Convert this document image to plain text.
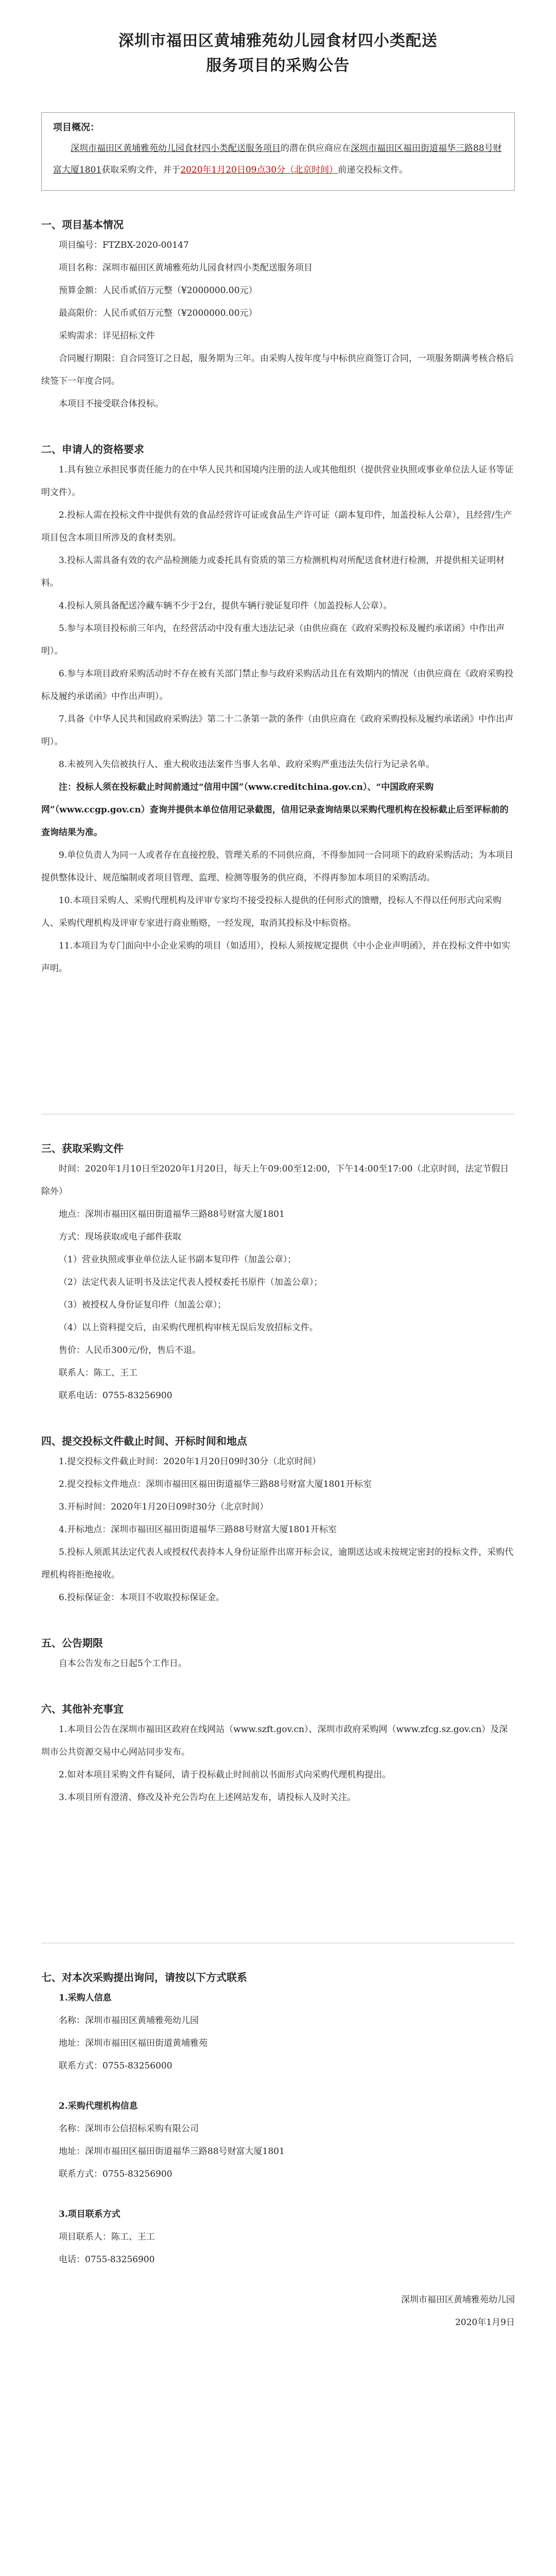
深圳市福田区黄埔雅苑幼儿园食材四小类配送
服务项目的采购公告
项目概况：
深圳市福田区黄埔雅苑幼儿园食材四小类配送服务项目的潜在供应商应在深圳市福田区福田街道福华三路88号财富大厦1801获取采购文件，并于2020年1月20日09点30分（北京时间）前递交投标文件。
一、项目基本情况

项目编号：FTZBX-2020-00147

项目名称：深圳市福田区黄埔雅苑幼儿园食材四小类配送服务项目

预算金额：人民币贰佰万元整（¥2000000.00元）

最高限价：人民币贰佰万元整（¥2000000.00元）

采购需求：详见招标文件

合同履行期限：自合同签订之日起，服务期为三年。由采购人按年度与中标供应商签订合同，一项服务期满考核合格后续签下一年度合同。

本项目不接受联合体投标。

二、申请人的资格要求

1.具有独立承担民事责任能力的在中华人民共和国境内注册的法人或其他组织（提供营业执照或事业单位法人证书等证明文件）。

2.投标人需在投标文件中提供有效的食品经营许可证或食品生产许可证（副本复印件，加盖投标人公章），且经营/生产项目包含本项目所涉及的食材类别。

3.投标人需具备有效的农产品检测能力或委托具有资质的第三方检测机构对所配送食材进行检测，并提供相关证明材料。

4.投标人须具备配送冷藏车辆不少于2台，提供车辆行驶证复印件（加盖投标人公章）。

5.参与本项目投标前三年内，在经营活动中没有重大违法记录（由供应商在《政府采购投标及履约承诺函》中作出声明）。

6.参与本项目政府采购活动时不存在被有关部门禁止参与政府采购活动且在有效期内的情况（由供应商在《政府采购投标及履约承诺函》中作出声明）。

7.具备《中华人民共和国政府采购法》第二十二条第一款的条件（由供应商在《政府采购投标及履约承诺函》中作出声明）。

8.未被列入失信被执行人、重大税收违法案件当事人名单、政府采购严重违法失信行为记录名单。

注：投标人须在投标截止时间前通过“信用中国”（www.creditchina.gov.cn）、“中国政府采购网”（www.ccgp.gov.cn）查询并提供本单位信用记录截图，信用记录查询结果以采购代理机构在投标截止后至评标前的查询结果为准。

9.单位负责人为同一人或者存在直接控股、管理关系的不同供应商，不得参加同一合同项下的政府采购活动；为本项目提供整体设计、规范编制或者项目管理、监理、检测等服务的供应商，不得再参加本项目的采购活动。

10.本项目采购人、采购代理机构及评审专家均不接受投标人提供的任何形式的馈赠，投标人不得以任何形式向采购人、采购代理机构及评审专家进行商业贿赂，一经发现，取消其投标及中标资格。

11.本项目为专门面向中小企业采购的项目（如适用），投标人须按规定提供《中小企业声明函》，并在投标文件中如实声明。

三、获取采购文件

时间：2020年1月10日至2020年1月20日，每天上午09:00至12:00，下午14:00至17:00（北京时间，法定节假日除外）

地点：深圳市福田区福田街道福华三路88号财富大厦1801

方式：现场获取或电子邮件获取

（1）营业执照或事业单位法人证书副本复印件（加盖公章）；

（2）法定代表人证明书及法定代表人授权委托书原件（加盖公章）；

（3）被授权人身份证复印件（加盖公章）；

（4）以上资料提交后，由采购代理机构审核无误后发放招标文件。

售价：人民币300元/份，售后不退。

联系人：陈工、王工

联系电话：0755-83256900

四、提交投标文件截止时间、开标时间和地点

1.提交投标文件截止时间：2020年1月20日09时30分（北京时间）

2.提交投标文件地点：深圳市福田区福田街道福华三路88号财富大厦1801开标室

3.开标时间：2020年1月20日09时30分（北京时间）

4.开标地点：深圳市福田区福田街道福华三路88号财富大厦1801开标室

5.投标人须派其法定代表人或授权代表持本人身份证原件出席开标会议，逾期送达或未按规定密封的投标文件，采购代理机构将拒绝接收。

6.投标保证金：本项目不收取投标保证金。

五、公告期限

自本公告发布之日起5个工作日。

六、其他补充事宜

1.本项目公告在深圳市福田区政府在线网站（www.szft.gov.cn）、深圳市政府采购网（www.zfcg.sz.gov.cn）及深圳市公共资源交易中心网站同步发布。

2.如对本项目采购文件有疑问，请于投标截止时间前以书面形式向采购代理机构提出。

3.本项目所有澄清、修改及补充公告均在上述网站发布，请投标人及时关注。

七、对本次采购提出询问，请按以下方式联系

1.采购人信息

名称：深圳市福田区黄埔雅苑幼儿园

地址：深圳市福田区福田街道黄埔雅苑

联系方式：0755-83256000

2.采购代理机构信息

名称：深圳市公信招标采购有限公司

地址：深圳市福田区福田街道福华三路88号财富大厦1801

联系方式：0755-83256900

3.项目联系方式

项目联系人：陈工、王工

电话：0755-83256900

深圳市福田区黄埔雅苑幼儿园

2020年1月9日
